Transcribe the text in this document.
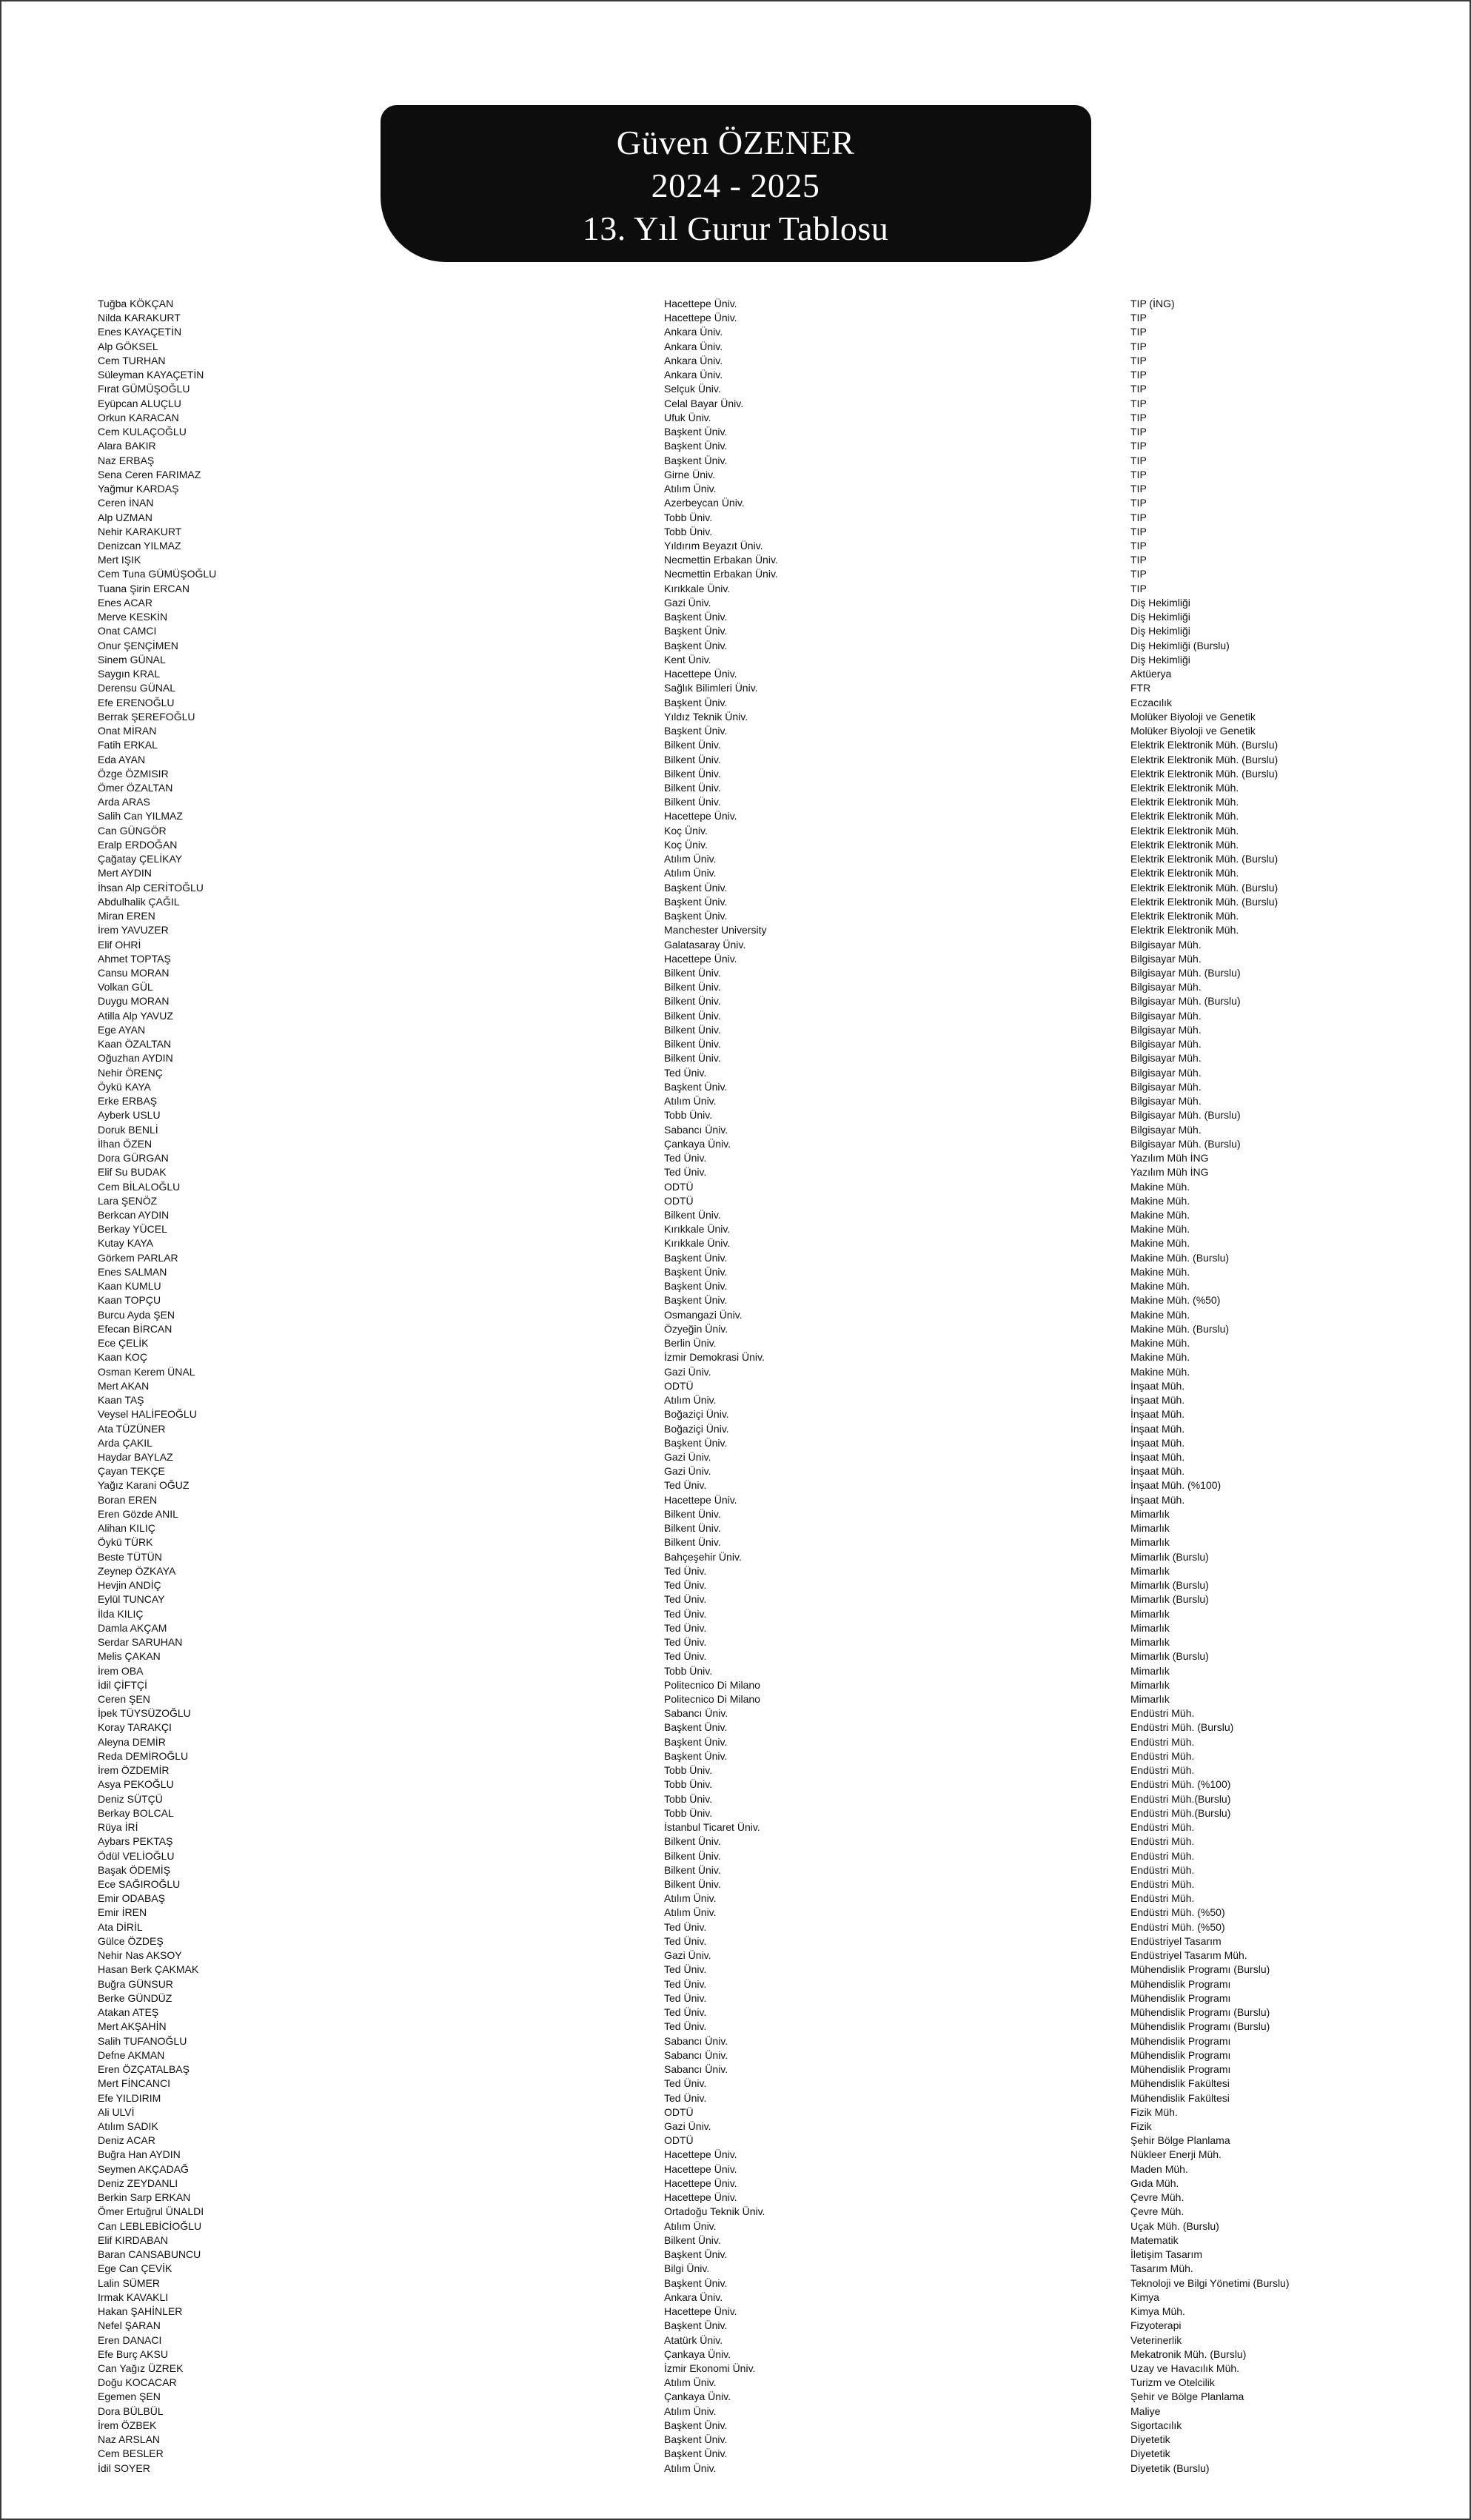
Güven ÖZENER
2024 - 2025
13. Yıl Gurur Tablosu
Tuğba KÖKÇAN	Hacettepe Üniv.	TIP (İNG)
Nilda KARAKURT	Hacettepe Üniv.	TIP
Enes KAYAÇETİN	Ankara Üniv.	TIP
Alp GÖKSEL	Ankara Üniv.	TIP
Cem TURHAN	Ankara Üniv.	TIP
Süleyman KAYAÇETİN	Ankara Üniv.	TIP
Fırat GÜMÜŞOĞLU	Selçuk Üniv.	TIP
Eyüpcan ALUÇLU	Celal Bayar Üniv.	TIP
Orkun KARACAN	Ufuk Üniv.	TIP
Cem KULAÇOĞLU	Başkent Üniv.	TIP
Alara BAKIR	Başkent Üniv.	TIP
Naz ERBAŞ	Başkent Üniv.	TIP
Sena Ceren FARIMAZ	Girne Üniv.	TIP
Yağmur KARDAŞ	Atılım Üniv.	TIP
Ceren İNAN	Azerbeycan Üniv.	TIP
Alp UZMAN	Tobb Üniv.	TIP
Nehir KARAKURT	Tobb Üniv.	TIP
Denizcan YILMAZ	Yıldırım Beyazıt Üniv.	TIP
Mert IŞIK	Necmettin Erbakan Üniv.	TIP
Cem Tuna GÜMÜŞOĞLU	Necmettin Erbakan Üniv.	TIP
Tuana Şirin ERCAN	Kırıkkale Üniv.	TIP
Enes ACAR	Gazi Üniv.	Diş Hekimliği
Merve KESKİN	Başkent Üniv.	Diş Hekimliği
Onat CAMCI	Başkent Üniv.	Diş Hekimliği
Onur ŞENÇİMEN	Başkent Üniv.	Diş Hekimliği (Burslu)
Sinem GÜNAL	Kent Üniv.	Diş Hekimliği
Saygın KRAL	Hacettepe Üniv.	Aktüerya
Derensu GÜNAL	Sağlık Bilimleri Üniv.	FTR
Efe ERENOĞLU	Başkent Üniv.	Eczacılık
Berrak ŞEREFOĞLU	Yıldız Teknik Üniv.	Molüker Biyoloji ve Genetik
Onat MİRAN	Başkent Üniv.	Molüker Biyoloji ve Genetik
Fatih ERKAL	Bilkent Üniv.	Elektrik Elektronik Müh. (Burslu)
Eda AYAN	Bilkent Üniv.	Elektrik Elektronik Müh. (Burslu)
Özge ÖZMISIR	Bilkent Üniv.	Elektrik Elektronik Müh. (Burslu)
Ömer ÖZALTAN	Bilkent Üniv.	Elektrik Elektronik Müh.
Arda ARAS	Bilkent Üniv.	Elektrik Elektronik Müh.
Salih Can YILMAZ	Hacettepe Üniv.	Elektrik Elektronik Müh.
Can GÜNGÖR	Koç Üniv.	Elektrik Elektronik Müh.
Eralp ERDOĞAN	Koç Üniv.	Elektrik Elektronik Müh.
Çağatay ÇELİKAY	Atılım Üniv.	Elektrik Elektronik Müh. (Burslu)
Mert AYDIN	Atılım Üniv.	Elektrik Elektronik Müh.
İhsan Alp CERİTOĞLU	Başkent Üniv.	Elektrik Elektronik Müh. (Burslu)
Abdulhalik ÇAĞIL	Başkent Üniv.	Elektrik Elektronik Müh. (Burslu)
Miran EREN	Başkent Üniv.	Elektrik Elektronik Müh.
İrem YAVUZER	Manchester University	Elektrik Elektronik Müh.
Elif OHRİ	Galatasaray Üniv.	Bilgisayar Müh.
Ahmet TOPTAŞ	Hacettepe Üniv.	Bilgisayar Müh.
Cansu MORAN	Bilkent Üniv.	Bilgisayar Müh. (Burslu)
Volkan GÜL	Bilkent Üniv.	Bilgisayar Müh.
Duygu MORAN	Bilkent Üniv.	Bilgisayar Müh. (Burslu)
Atilla Alp YAVUZ	Bilkent Üniv.	Bilgisayar Müh.
Ege AYAN	Bilkent Üniv.	Bilgisayar Müh.
Kaan ÖZALTAN	Bilkent Üniv.	Bilgisayar Müh.
Oğuzhan AYDIN	Bilkent Üniv.	Bilgisayar Müh.
Nehir ÖRENÇ	Ted Üniv.	Bilgisayar Müh.
Öykü KAYA	Başkent Üniv.	Bilgisayar Müh.
Erke ERBAŞ	Atılım Üniv.	Bilgisayar Müh.
Ayberk USLU	Tobb Üniv.	Bilgisayar Müh. (Burslu)
Doruk BENLİ	Sabancı Üniv.	Bilgisayar Müh.
İlhan ÖZEN	Çankaya Üniv.	Bilgisayar Müh. (Burslu)
Dora GÜRGAN	Ted Üniv.	Yazılım Müh İNG
Elif Su BUDAK	Ted Üniv.	Yazılım Müh İNG
Cem BİLALOĞLU	ODTÜ	Makine Müh.
Lara ŞENÖZ	ODTÜ	Makine Müh.
Berkcan AYDIN	Bilkent Üniv.	Makine Müh.
Berkay YÜCEL	Kırıkkale Üniv.	Makine Müh.
Kutay KAYA	Kırıkkale Üniv.	Makine Müh.
Görkem PARLAR	Başkent Üniv.	Makine Müh. (Burslu)
Enes SALMAN	Başkent Üniv.	Makine Müh.
Kaan KUMLU	Başkent Üniv.	Makine Müh.
Kaan TOPÇU	Başkent Üniv.	Makine Müh. (%50)
Burcu Ayda ŞEN	Osmangazi Üniv.	Makine Müh.
Efecan BİRCAN	Özyeğin Üniv.	Makine Müh. (Burslu)
Ece ÇELİK	Berlin Üniv.	Makine Müh.
Kaan KOÇ	İzmir Demokrasi Üniv.	Makine Müh.
Osman Kerem ÜNAL	Gazi Üniv.	Makine Müh.
Mert AKAN	ODTÜ	İnşaat Müh.
Kaan TAŞ	Atılım Üniv.	İnşaat Müh.
Veysel HALİFEOĞLU	Boğaziçi Üniv.	İnşaat Müh.
Ata TÜZÜNER	Boğaziçi Üniv.	İnşaat Müh.
Arda ÇAKIL	Başkent Üniv.	İnşaat Müh.
Haydar BAYLAZ	Gazi Üniv.	İnşaat Müh.
Çayan TEKÇE	Gazi Üniv.	İnşaat Müh.
Yağız Karani OĞUZ	Ted Üniv.	İnşaat Müh. (%100)
Boran EREN	Hacettepe Üniv.	İnşaat Müh.
Eren Gözde ANIL	Bilkent Üniv.	Mimarlık
Alihan KILIÇ	Bilkent Üniv.	Mimarlık
Öykü TÜRK	Bilkent Üniv.	Mimarlık
Beste TÜTÜN	Bahçeşehir Üniv.	Mimarlık (Burslu)
Zeynep ÖZKAYA	Ted Üniv.	Mimarlık
Hevjin ANDİÇ	Ted Üniv.	Mimarlık (Burslu)
Eylül TUNCAY	Ted Üniv.	Mimarlık (Burslu)
İlda KILIÇ	Ted Üniv.	Mimarlık
Damla AKÇAM	Ted Üniv.	Mimarlık
Serdar SARUHAN	Ted Üniv.	Mimarlık
Melis ÇAKAN	Ted Üniv.	Mimarlık (Burslu)
İrem OBA	Tobb Üniv.	Mimarlık
İdil ÇİFTÇİ	Politecnico Di Milano	Mimarlık
Ceren ŞEN	Politecnico Di Milano	Mimarlık
İpek TÜYSÜZOĞLU	Sabancı Üniv.	Endüstri Müh.
Koray TARAKÇI	Başkent Üniv.	Endüstri Müh. (Burslu)
Aleyna DEMİR	Başkent Üniv.	Endüstri Müh.
Reda DEMİROĞLU	Başkent Üniv.	Endüstri Müh.
İrem ÖZDEMİR	Tobb Üniv.	Endüstri Müh.
Asya PEKOĞLU	Tobb Üniv.	Endüstri Müh. (%100)
Deniz SÜTÇÜ	Tobb Üniv.	Endüstri Müh.(Burslu)
Berkay BOLCAL	Tobb Üniv.	Endüstri Müh.(Burslu)
Rüya İRİ	İstanbul Ticaret Üniv.	Endüstri Müh.
Aybars PEKTAŞ	Bilkent Üniv.	Endüstri Müh.
Ödül VELİOĞLU	Bilkent Üniv.	Endüstri Müh.
Başak ÖDEMİŞ	Bilkent Üniv.	Endüstri Müh.
Ece SAĞIROĞLU	Bilkent Üniv.	Endüstri Müh.
Emir ODABAŞ	Atılım Üniv.	Endüstri Müh.
Emir İREN	Atılım Üniv.	Endüstri Müh. (%50)
Ata DİRİL	Ted Üniv.	Endüstri Müh. (%50)
Gülce ÖZDEŞ	Ted Üniv.	Endüstriyel Tasarım
Nehir Nas AKSOY	Gazi Üniv.	Endüstriyel Tasarım Müh.
Hasan Berk ÇAKMAK	Ted Üniv.	Mühendislik Programı (Burslu)
Buğra GÜNSUR	Ted Üniv.	Mühendislik Programı
Berke GÜNDÜZ	Ted Üniv.	Mühendislik Programı
Atakan ATEŞ	Ted Üniv.	Mühendislik Programı (Burslu)
Mert AKŞAHİN	Ted Üniv.	Mühendislik Programı (Burslu)
Salih TUFANOĞLU	Sabancı Üniv.	Mühendislik Programı
Defne AKMAN	Sabancı Üniv.	Mühendislik Programı
Eren ÖZÇATALBAŞ	Sabancı Üniv.	Mühendislik Programı
Mert FİNCANCI	Ted Üniv.	Mühendislik Fakültesi
Efe YILDIRIM	Ted Üniv.	Mühendislik Fakültesi
Ali ULVİ	ODTÜ	Fizik Müh.
Atılım SADIK	Gazi Üniv.	Fizik
Deniz ACAR	ODTÜ	Şehir Bölge Planlama
Buğra Han AYDIN	Hacettepe Üniv.	Nükleer Enerji Müh.
Seymen AKÇADAĞ	Hacettepe Üniv.	Maden Müh.
Deniz ZEYDANLI	Hacettepe Üniv.	Gıda Müh.
Berkin Sarp ERKAN	Hacettepe Üniv.	Çevre Müh.
Ömer Ertuğrul ÜNALDI	Ortadoğu Teknik Üniv.	Çevre Müh.
Can LEBLEBİCİOĞLU	Atılım Üniv.	Uçak Müh. (Burslu)
Elif KIRDABAN	Bilkent Üniv.	Matematik
Baran CANSABUNCU	Başkent Üniv.	İletişim Tasarım
Ege Can ÇEVİK	Bilgi Üniv.	Tasarım Müh.
Lalin SÜMER	Başkent Üniv.	Teknoloji ve Bilgi Yönetimi (Burslu)
Irmak KAVAKLI	Ankara Üniv.	Kimya
Hakan ŞAHİNLER	Hacettepe Üniv.	Kimya Müh.
Nefel ŞARAN	Başkent Üniv.	Fizyoterapi
Eren DANACI	Atatürk Üniv.	Veterinerlik
Efe Burç AKSU	Çankaya Üniv.	Mekatronik Müh. (Burslu)
Can Yağız ÜZREK	İzmir Ekonomi Üniv.	Uzay ve Havacılık Müh.
Doğu KOCACAR	Atılım Üniv.	Turizm ve Otelcilik
Egemen ŞEN	Çankaya Üniv.	Şehir ve Bölge Planlama
Dora BÜLBÜL	Atılım Üniv.	Maliye
İrem ÖZBEK	Başkent Üniv.	Sigortacılık
Naz ARSLAN	Başkent Üniv.	Diyetetik
Cem BESLER	Başkent Üniv.	Diyetetik
İdil SOYER	Atılım Üniv.	Diyetetik (Burslu)
